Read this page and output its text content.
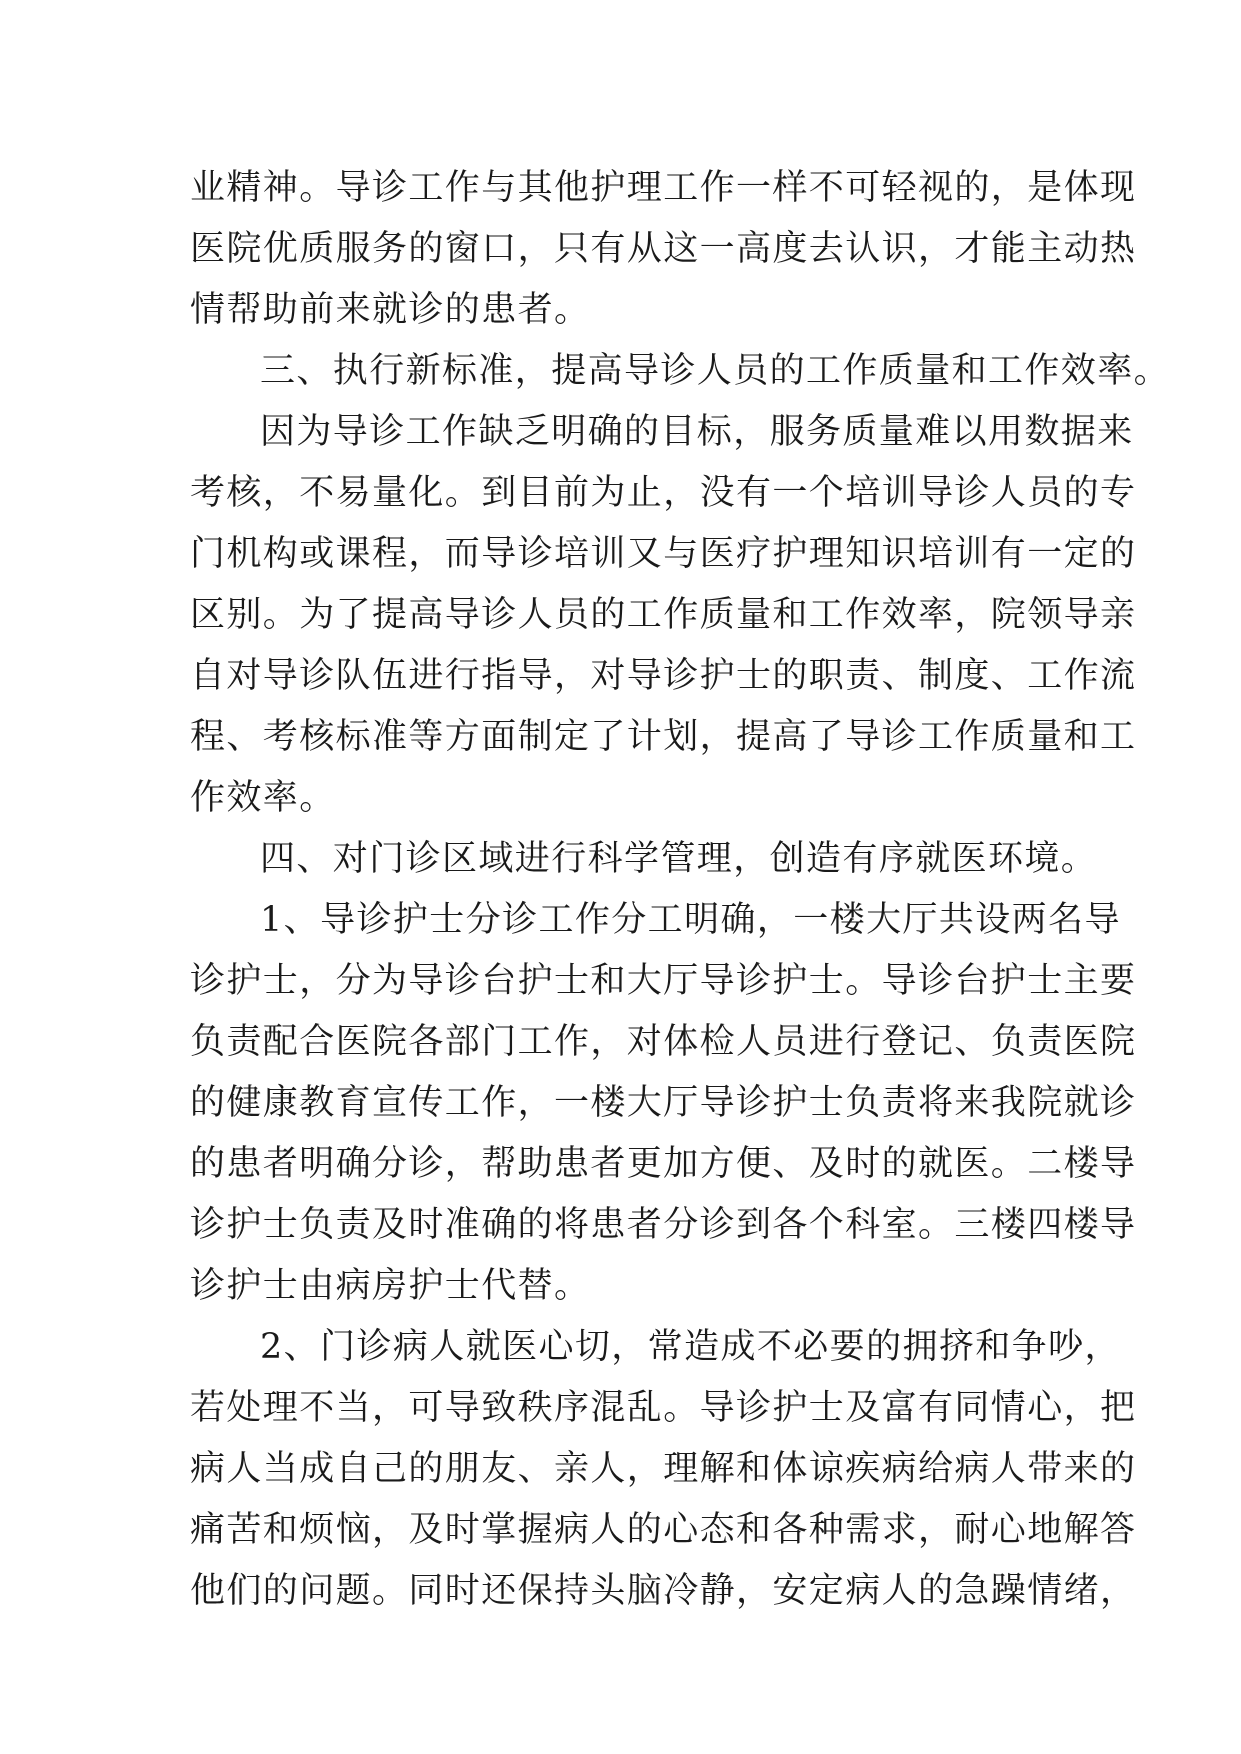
业精神。导诊工作与其他护理工作一样不可轻视的，是体现
医院优质服务的窗口，只有从这一高度去认识，才能主动热
情帮助前来就诊的患者。
三、执行新标准，提高导诊人员的工作质量和工作效率。
因为导诊工作缺乏明确的目标，服务质量难以用数据来
考核，不易量化。到目前为止，没有一个培训导诊人员的专
门机构或课程，而导诊培训又与医疗护理知识培训有一定的
区别。为了提高导诊人员的工作质量和工作效率，院领导亲
自对导诊队伍进行指导，对导诊护士的职责、制度、工作流
程、考核标准等方面制定了计划，提高了导诊工作质量和工
作效率。
四、对门诊区域进行科学管理，创造有序就医环境。
1、导诊护士分诊工作分工明确，一楼大厅共设两名导
诊护士，分为导诊台护士和大厅导诊护士。导诊台护士主要
负责配合医院各部门工作，对体检人员进行登记、负责医院
的健康教育宣传工作，一楼大厅导诊护士负责将来我院就诊
的患者明确分诊，帮助患者更加方便、及时的就医。二楼导
诊护士负责及时准确的将患者分诊到各个科室。三楼四楼导
诊护士由病房护士代替。
2、门诊病人就医心切，常造成不必要的拥挤和争吵，
若处理不当，可导致秩序混乱。导诊护士及富有同情心，把
病人当成自己的朋友、亲人，理解和体谅疾病给病人带来的
痛苦和烦恼，及时掌握病人的心态和各种需求，耐心地解答
他们的问题。同时还保持头脑冷静，安定病人的急躁情绪，
